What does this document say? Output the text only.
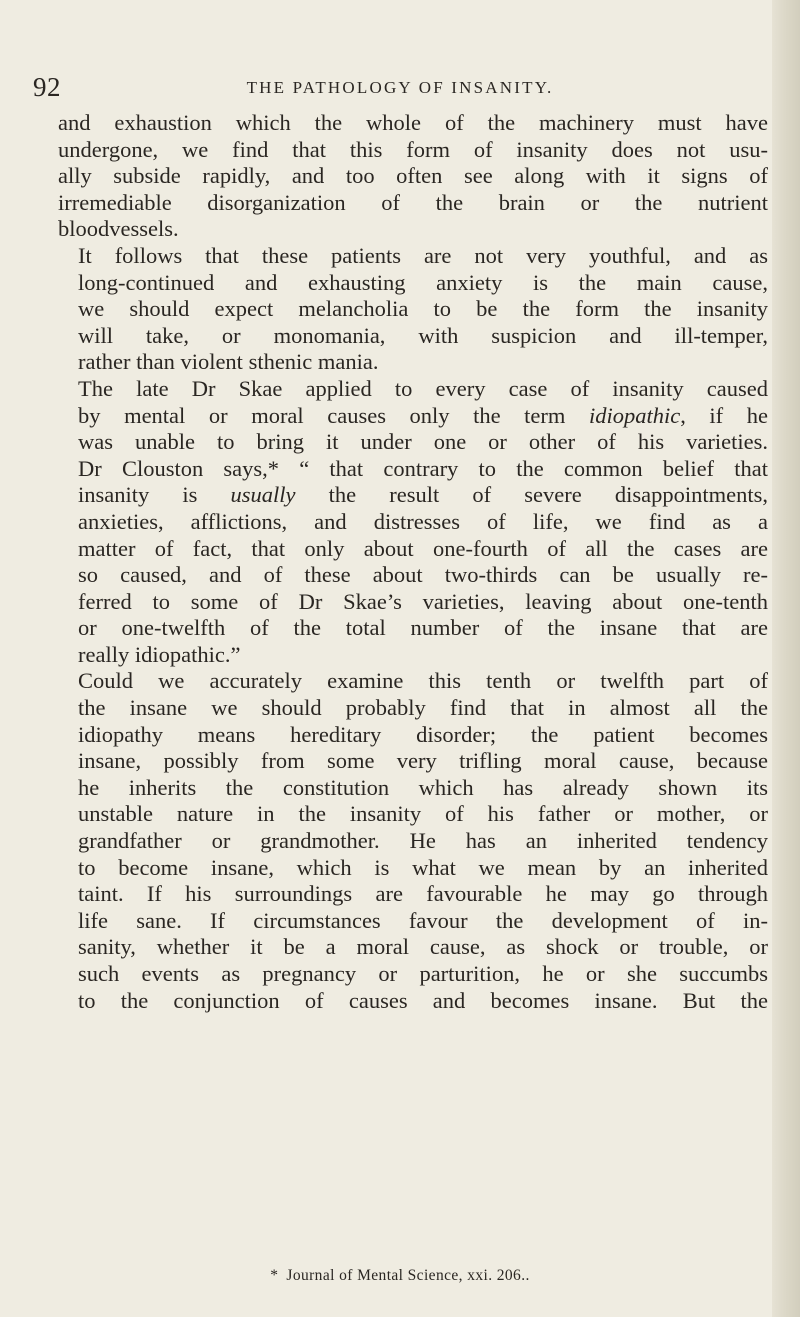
92	THE PATHOLOGY OF INSANITY.

and exhaustion which the whole of the machinery must have
undergone, we find that this form of insanity does not usu-
ally subside rapidly, and too often see along with it signs of
irremediable disorganization of the brain or the nutrient
bloodvessels.

It follows that these patients are not very youthful, and as
long-continued and exhausting anxiety is the main cause,
we should expect melancholia to be the form the insanity
will take, or monomania, with suspicion and ill-temper,
rather than violent sthenic mania.

The late Dr Skae applied to every case of insanity caused
by mental or moral causes only the term idiopathic, if he
was unable to bring it under one or other of his varieties.
Dr Clouston says,* “ that contrary to the common belief that
insanity is usually the result of severe disappointments,
anxieties, afflictions, and distresses of life, we find as a
matter of fact, that only about one-fourth of all the cases are
so caused, and of these about two-thirds can be usually re-
ferred to some of Dr Skae’s varieties, leaving about one-tenth
or one-twelfth of the total number of the insane that are
really idiopathic.”

Could we accurately examine this tenth or twelfth part of
the insane we should probably find that in almost all the
idiopathy means hereditary disorder; the patient becomes
insane, possibly from some very trifling moral cause, because
he inherits the constitution which has already shown its
unstable nature in the insanity of his father or mother, or
grandfather or grandmother. He has an inherited tendency
to become insane, which is what we mean by an inherited
taint. If his surroundings are favourable he may go through
life sane. If circumstances favour the development of in-
sanity, whether it be a moral cause, as shock or trouble, or
such events as pregnancy or parturition, he or she succumbs
to the conjunction of causes and becomes insane. But the

* Journal of Mental Science, xxi. 206..
